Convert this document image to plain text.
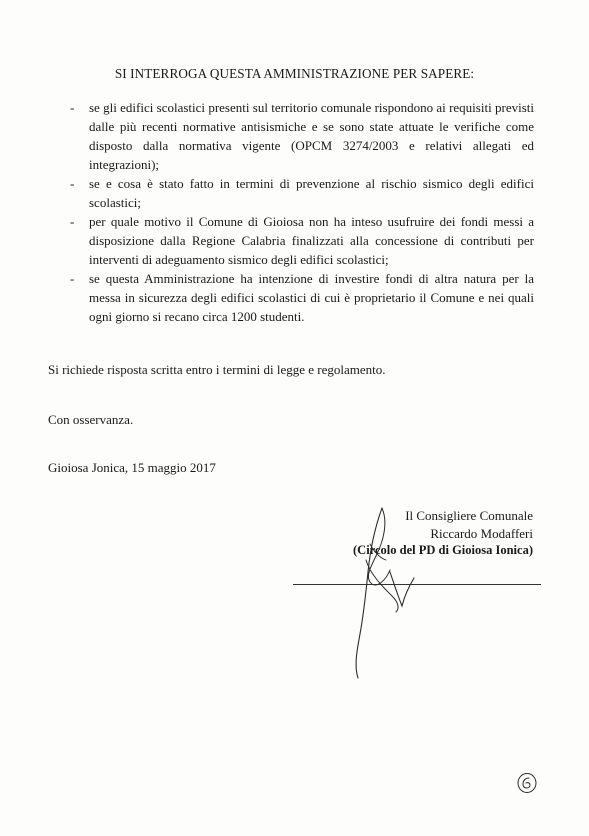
SI INTERROGA QUESTA AMMINISTRAZIONE PER SAPERE:
- se gli edifici scolastici presenti sul territorio comunale rispondono ai requisiti previsti dalle più recenti normative antisismiche e se sono state attuate le verifiche come disposto dalla normativa vigente (OPCM 3274/2003 e relativi allegati ed integrazioni);
- se e cosa è stato fatto in termini di prevenzione al rischio sismico degli edifici scolastici;
- per quale motivo il Comune di Gioiosa non ha inteso usufruire dei fondi messi a disposizione dalla Regione Calabria finalizzati alla concessione di contributi per interventi di adeguamento sismico degli edifici scolastici;
- se questa Amministrazione ha intenzione di investire fondi di altra natura per la messa in sicurezza degli edifici scolastici di cui è proprietario il Comune e nei quali ogni giorno si recano circa 1200 studenti.
Si richiede risposta scritta entro i termini di legge e regolamento.
Con osservanza.
Gioiosa Jonica, 15 maggio 2017
Il Consigliere Comunale
Riccardo Modafferi
(Circolo del PD di Gioiosa Ionica)
